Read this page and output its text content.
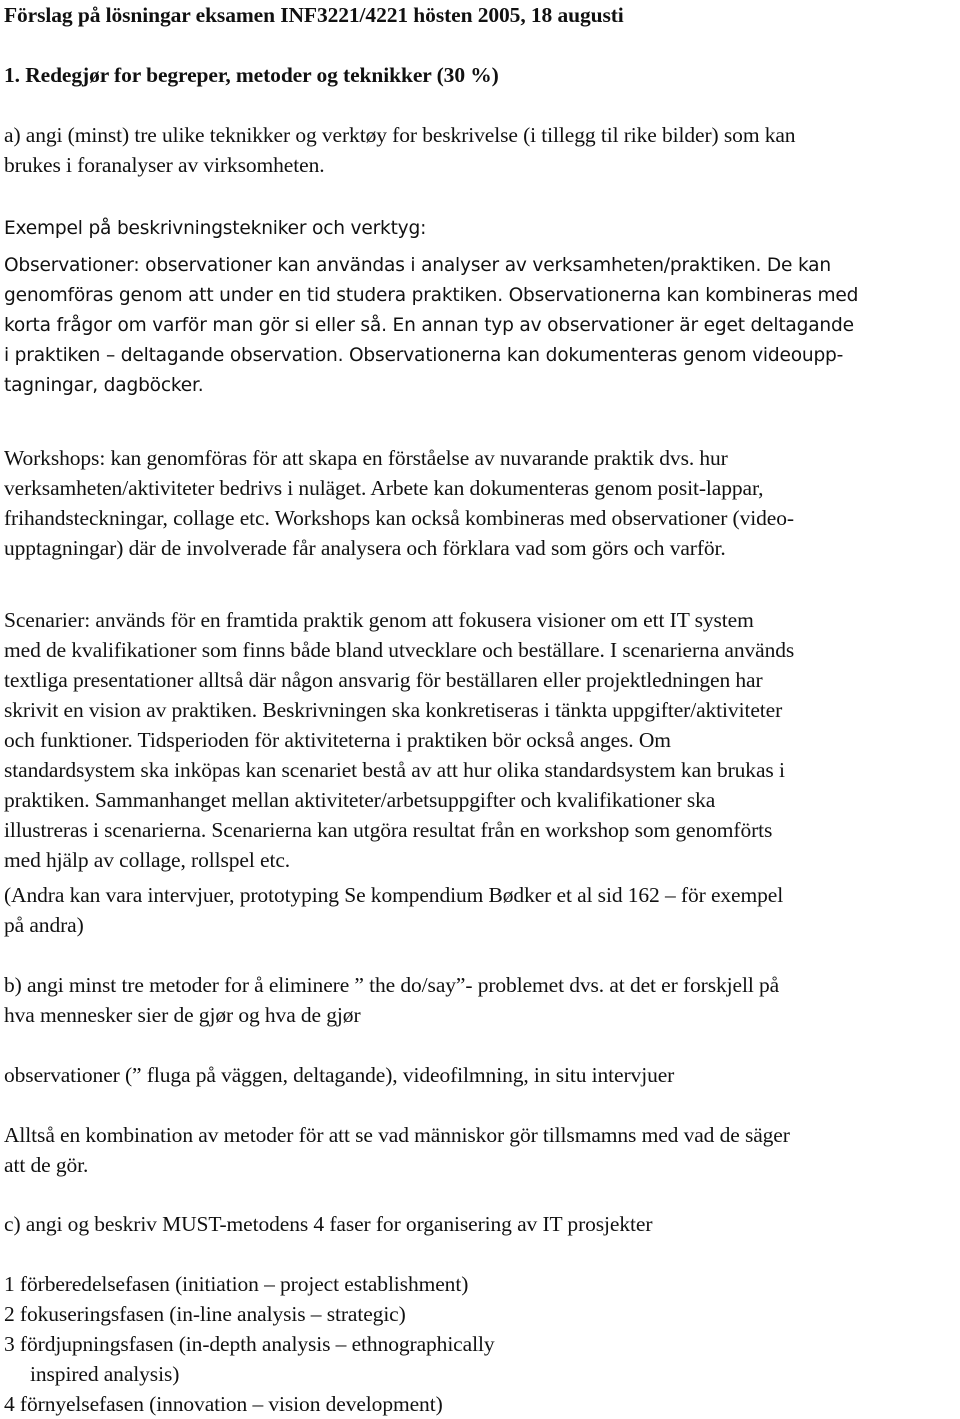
Förslag på lösningar eksamen INF3221/4221 hösten 2005, 18 augusti
1. Redegjør for begreper, metoder og teknikker (30 %)
a) angi (minst) tre ulike teknikker og verktøy for beskrivelse (i tillegg til rike bilder) som kan
brukes i foranalyser av virksomheten.
Exempel på beskrivningstekniker och verktyg:
Observationer: observationer kan användas i analyser av verksamheten/praktiken. De kan
genomföras genom att under en tid studera praktiken. Observationerna kan kombineras med
korta frågor om varför man gör si eller så. En annan typ av observationer är eget deltagande
i praktiken – deltagande observation. Observationerna kan dokumenteras genom videoupp-
tagningar, dagböcker.
Workshops: kan genomföras för att skapa en förståelse av nuvarande praktik dvs. hur
verksamheten/aktiviteter bedrivs i nuläget. Arbete kan dokumenteras genom posit-lappar,
frihandsteckningar, collage etc. Workshops kan också kombineras med observationer (video-
upptagningar) där de involverade får analysera och förklara vad som görs och varför.
Scenarier: används för en framtida praktik genom att fokusera visioner om ett IT system
med de kvalifikationer som finns både bland utvecklare och beställare. I scenarierna används
textliga presentationer alltså där någon ansvarig för beställaren eller projektledningen har
skrivit en vision av praktiken. Beskrivningen ska konkretiseras i tänkta uppgifter/aktiviteter
och funktioner. Tidsperioden för aktiviteterna i praktiken bör också anges. Om
standardsystem ska inköpas kan scenariet bestå av att hur olika standardsystem kan brukas i
praktiken. Sammanhanget mellan aktiviteter/arbetsuppgifter och kvalifikationer ska
illustreras i scenarierna. Scenarierna kan utgöra resultat från en workshop som genomförts
med hjälp av collage, rollspel etc.
(Andra kan vara intervjuer, prototyping Se kompendium Bødker et al sid 162 – för exempel
på andra)
b) angi minst tre metoder for å eliminere ” the do/say”- problemet dvs. at det er forskjell på
hva mennesker sier de gjør og hva de gjør
observationer (” fluga på väggen, deltagande), videofilmning, in situ intervjuer
Alltså en kombination av metoder för att se vad människor gör tillsmamns med vad de säger
att de gör.
c) angi og beskriv MUST-metodens 4 faser for organisering av IT prosjekter
1 förberedelsefasen (initiation – project establishment)
2 fokuseringsfasen (in-line analysis – strategic)
3 fördjupningsfasen (in-depth analysis – ethnographically
inspired analysis)
4 förnyelsefasen (innovation – vision development)
